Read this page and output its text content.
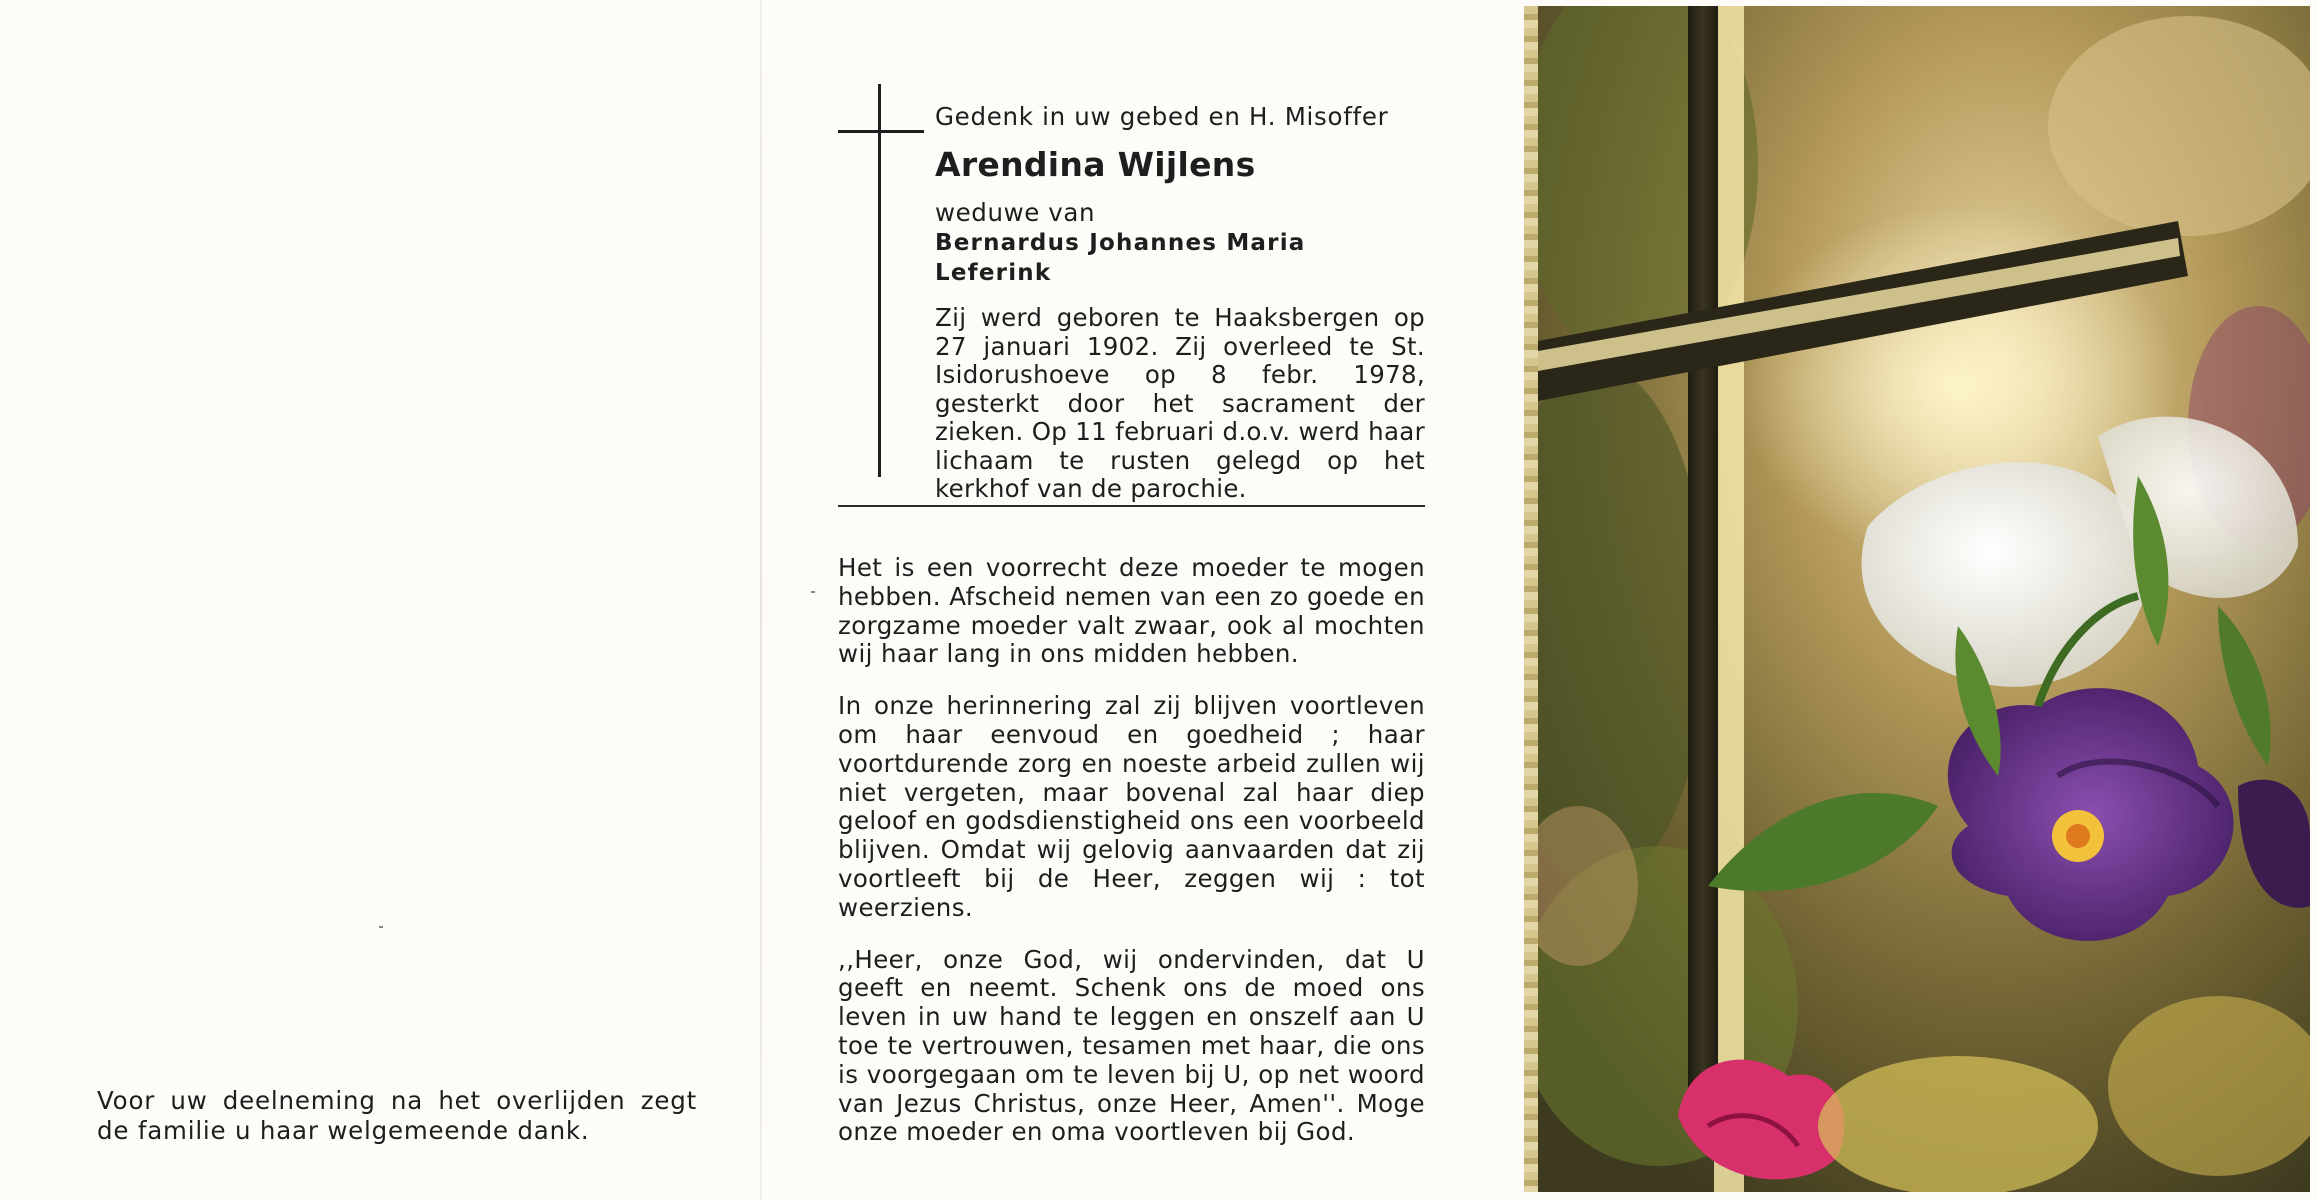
Voor uw deelneming na het overlijden zegt de familie u haar welgemeende dank.

Gedenk in uw gebed en H. Misoffer
Arendina Wijlens
weduwe van
Bernardus Johannes Maria Leferink
Zij werd geboren te Haaksbergen op 27 januari 1902. Zij overleed te St. Isidorushoeve op 8 febr. 1978, gesterkt door het sacrament der zieken. Op 11 februari d.o.v. werd haar lichaam te rusten gelegd op het kerkhof van de parochie.

Het is een voorrecht deze moeder te mogen hebben. Afscheid nemen van een zo goede en zorgzame moeder valt zwaar, ook al mochten wij haar lang in ons midden hebben.

In onze herinnering zal zij blijven voortleven om haar eenvoud en goedheid ; haar voortdurende zorg en noeste arbeid zullen wij niet vergeten, maar bovenal zal haar diep geloof en godsdienstigheid ons een voorbeeld blijven. Omdat wij gelovig aanvaarden dat zij voortleeft bij de Heer, zeggen wij : tot weerziens.

,,Heer, onze God, wij ondervinden, dat U geeft en neemt. Schenk ons de moed ons leven in uw hand te leggen en onszelf aan U toe te vertrouwen, tesamen met haar, die ons is voorgegaan om te leven bij U, op net woord van Jezus Christus, onze Heer, Amen''. Moge onze moeder en oma voortleven bij God.
